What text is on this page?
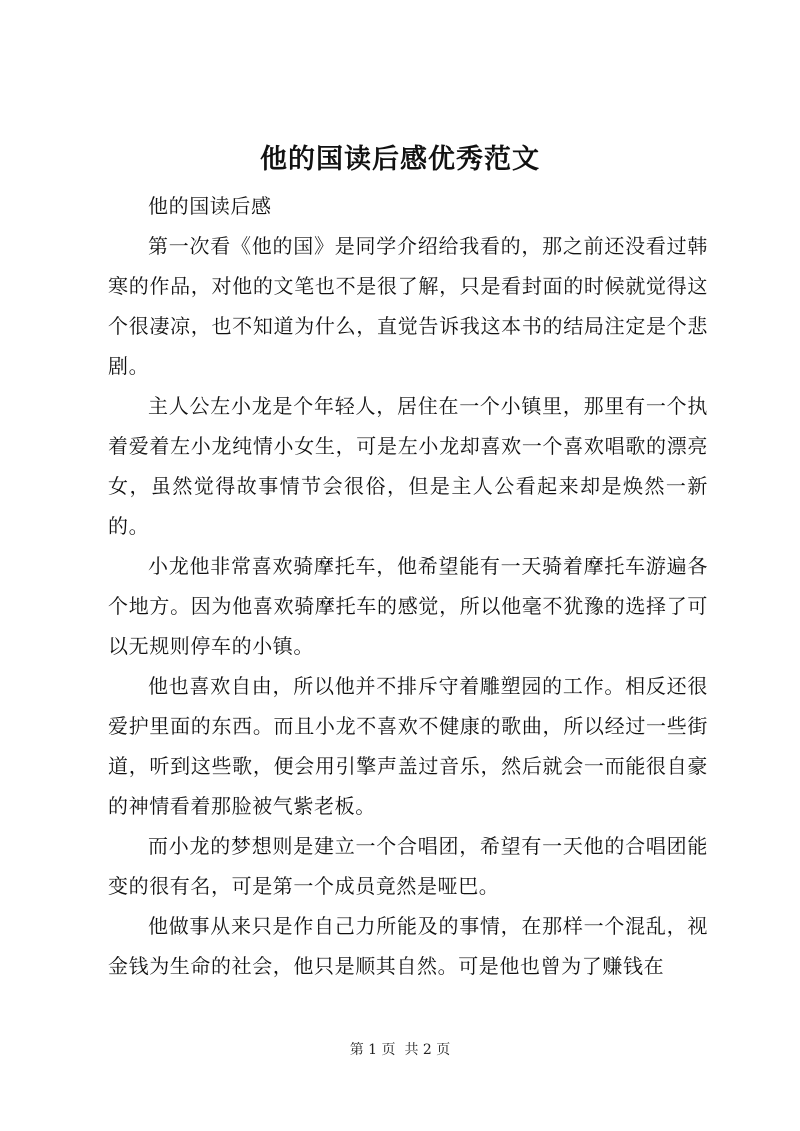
他的国读后感优秀范文

他的国读后感

第一次看《他的国》是同学介绍给我看的，那之前还没看过韩寒的作品，对他的文笔也不是很了解，只是看封面的时候就觉得这个很凄凉，也不知道为什么，直觉告诉我这本书的结局注定是个悲剧。

主人公左小龙是个年轻人，居住在一个小镇里，那里有一个执着爱着左小龙纯情小女生，可是左小龙却喜欢一个喜欢唱歌的漂亮女，虽然觉得故事情节会很俗，但是主人公看起来却是焕然一新的。

小龙他非常喜欢骑摩托车，他希望能有一天骑着摩托车游遍各个地方。因为他喜欢骑摩托车的感觉，所以他毫不犹豫的选择了可以无规则停车的小镇。

他也喜欢自由，所以他并不排斥守着雕塑园的工作。相反还很爱护里面的东西。而且小龙不喜欢不健康的歌曲，所以经过一些街道，听到这些歌，便会用引擎声盖过音乐，然后就会一而能很自豪的神情看着那脸被气紫老板。

而小龙的梦想则是建立一个合唱团，希望有一天他的合唱团能变的很有名，可是第一个成员竟然是哑巴。

他做事从来只是作自己力所能及的事情，在那样一个混乱，视金钱为生命的社会，他只是顺其自然。可是他也曾为了赚钱在

第 1 页  共 2 页
